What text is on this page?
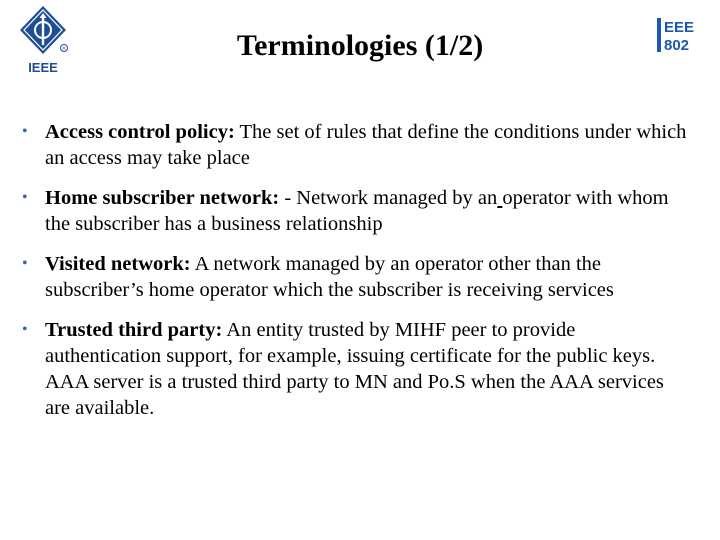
R
IEEE
Terminologies (1/2)
EEE
802
• Access control policy: The set of rules that define the conditions under which an access may take place
• Home subscriber network: - Network managed by an operator with whom the subscriber has a business relationship
• Visited network: A network managed by an operator other than the subscriber’s home operator which the subscriber is receiving services
• Trusted third party: An entity trusted by MIHF peer to provide authentication support, for example, issuing certificate for the public keys. AAA server is a trusted third party to MN and Po.S when the AAA services are available.
